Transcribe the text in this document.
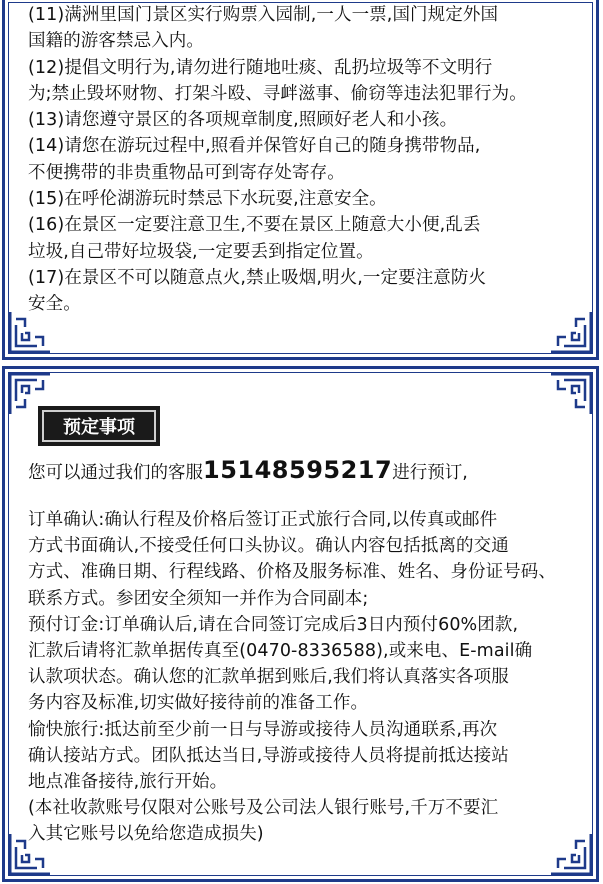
(11)满洲里国门景区实行购票入园制,一人一票,国门规定外国
国籍的游客禁忌入内。
(12)提倡文明行为,请勿进行随地吐痰、乱扔垃圾等不文明行
为;禁止毁坏财物、打架斗殴、寻衅滋事、偷窃等违法犯罪行为。
(13)请您遵守景区的各项规章制度,照顾好老人和小孩。
(14)请您在游玩过程中,照看并保管好自己的随身携带物品,
不便携带的非贵重物品可到寄存处寄存。
(15)在呼伦湖游玩时禁忌下水玩耍,注意安全。
(16)在景区一定要注意卫生,不要在景区上随意大小便,乱丢
垃圾,自己带好垃圾袋,一定要丢到指定位置。
(17)在景区不可以随意点火,禁止吸烟,明火,一定要注意防火
安全。
预定事项
您可以通过我们的客服15148595217进行预订,
订单确认:确认行程及价格后签订正式旅行合同,以传真或邮件
方式书面确认,不接受任何口头协议。确认内容包括抵离的交通
方式、准确日期、行程线路、价格及服务标准、姓名、身份证号码、
联系方式。参团安全须知一并作为合同副本;
预付订金:订单确认后,请在合同签订完成后3日内预付60%团款,
汇款后请将汇款单据传真至(0470-8336588),或来电、E-mail确
认款项状态。确认您的汇款单据到账后,我们将认真落实各项服
务内容及标准,切实做好接待前的准备工作。
愉快旅行:抵达前至少前一日与导游或接待人员沟通联系,再次
确认接站方式。团队抵达当日,导游或接待人员将提前抵达接站
地点准备接待,旅行开始。
(本社收款账号仅限对公账号及公司法人银行账号,千万不要汇
入其它账号以免给您造成损失)
